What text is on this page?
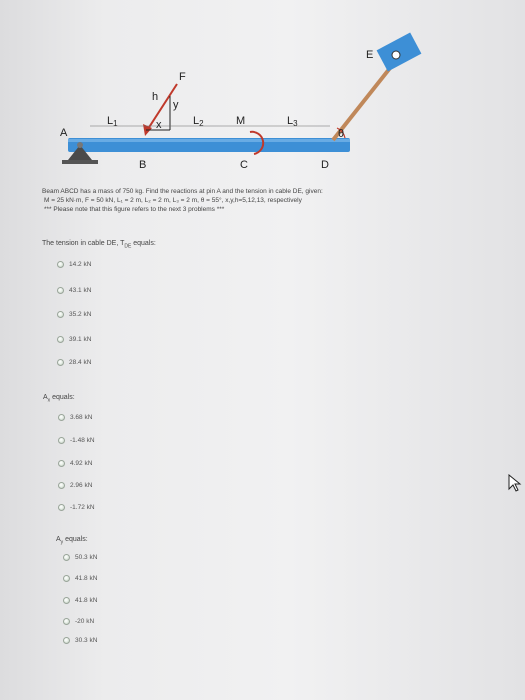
A
B	C	D
E
F
M
h
y
x
L1	L2	L3
θ
Beam ABCD has a mass of 750 kg. Find the reactions at pin A and the tension in cable DE, given:
M = 25 kN·m, F = 50 kN, L₁ = 2 m, L₂ = 2 m, L₃ = 2 m, θ = 55°, x,y,h=5,12,13, respectively
*** Please note that this figure refers to the next 3 problems ***
The tension in cable DE, $T_{DE}$ equals:
14.2 kN
43.1 kN
35.2 kN
39.1 kN
28.4 kN
$A_x$ equals:
3.68 kN
-1.48 kN
4.92 kN
2.96 kN
-1.72 kN
$A_y$ equals:
50.3 kN
41.8 kN
41.8 kN
-20 kN
30.3 kN
